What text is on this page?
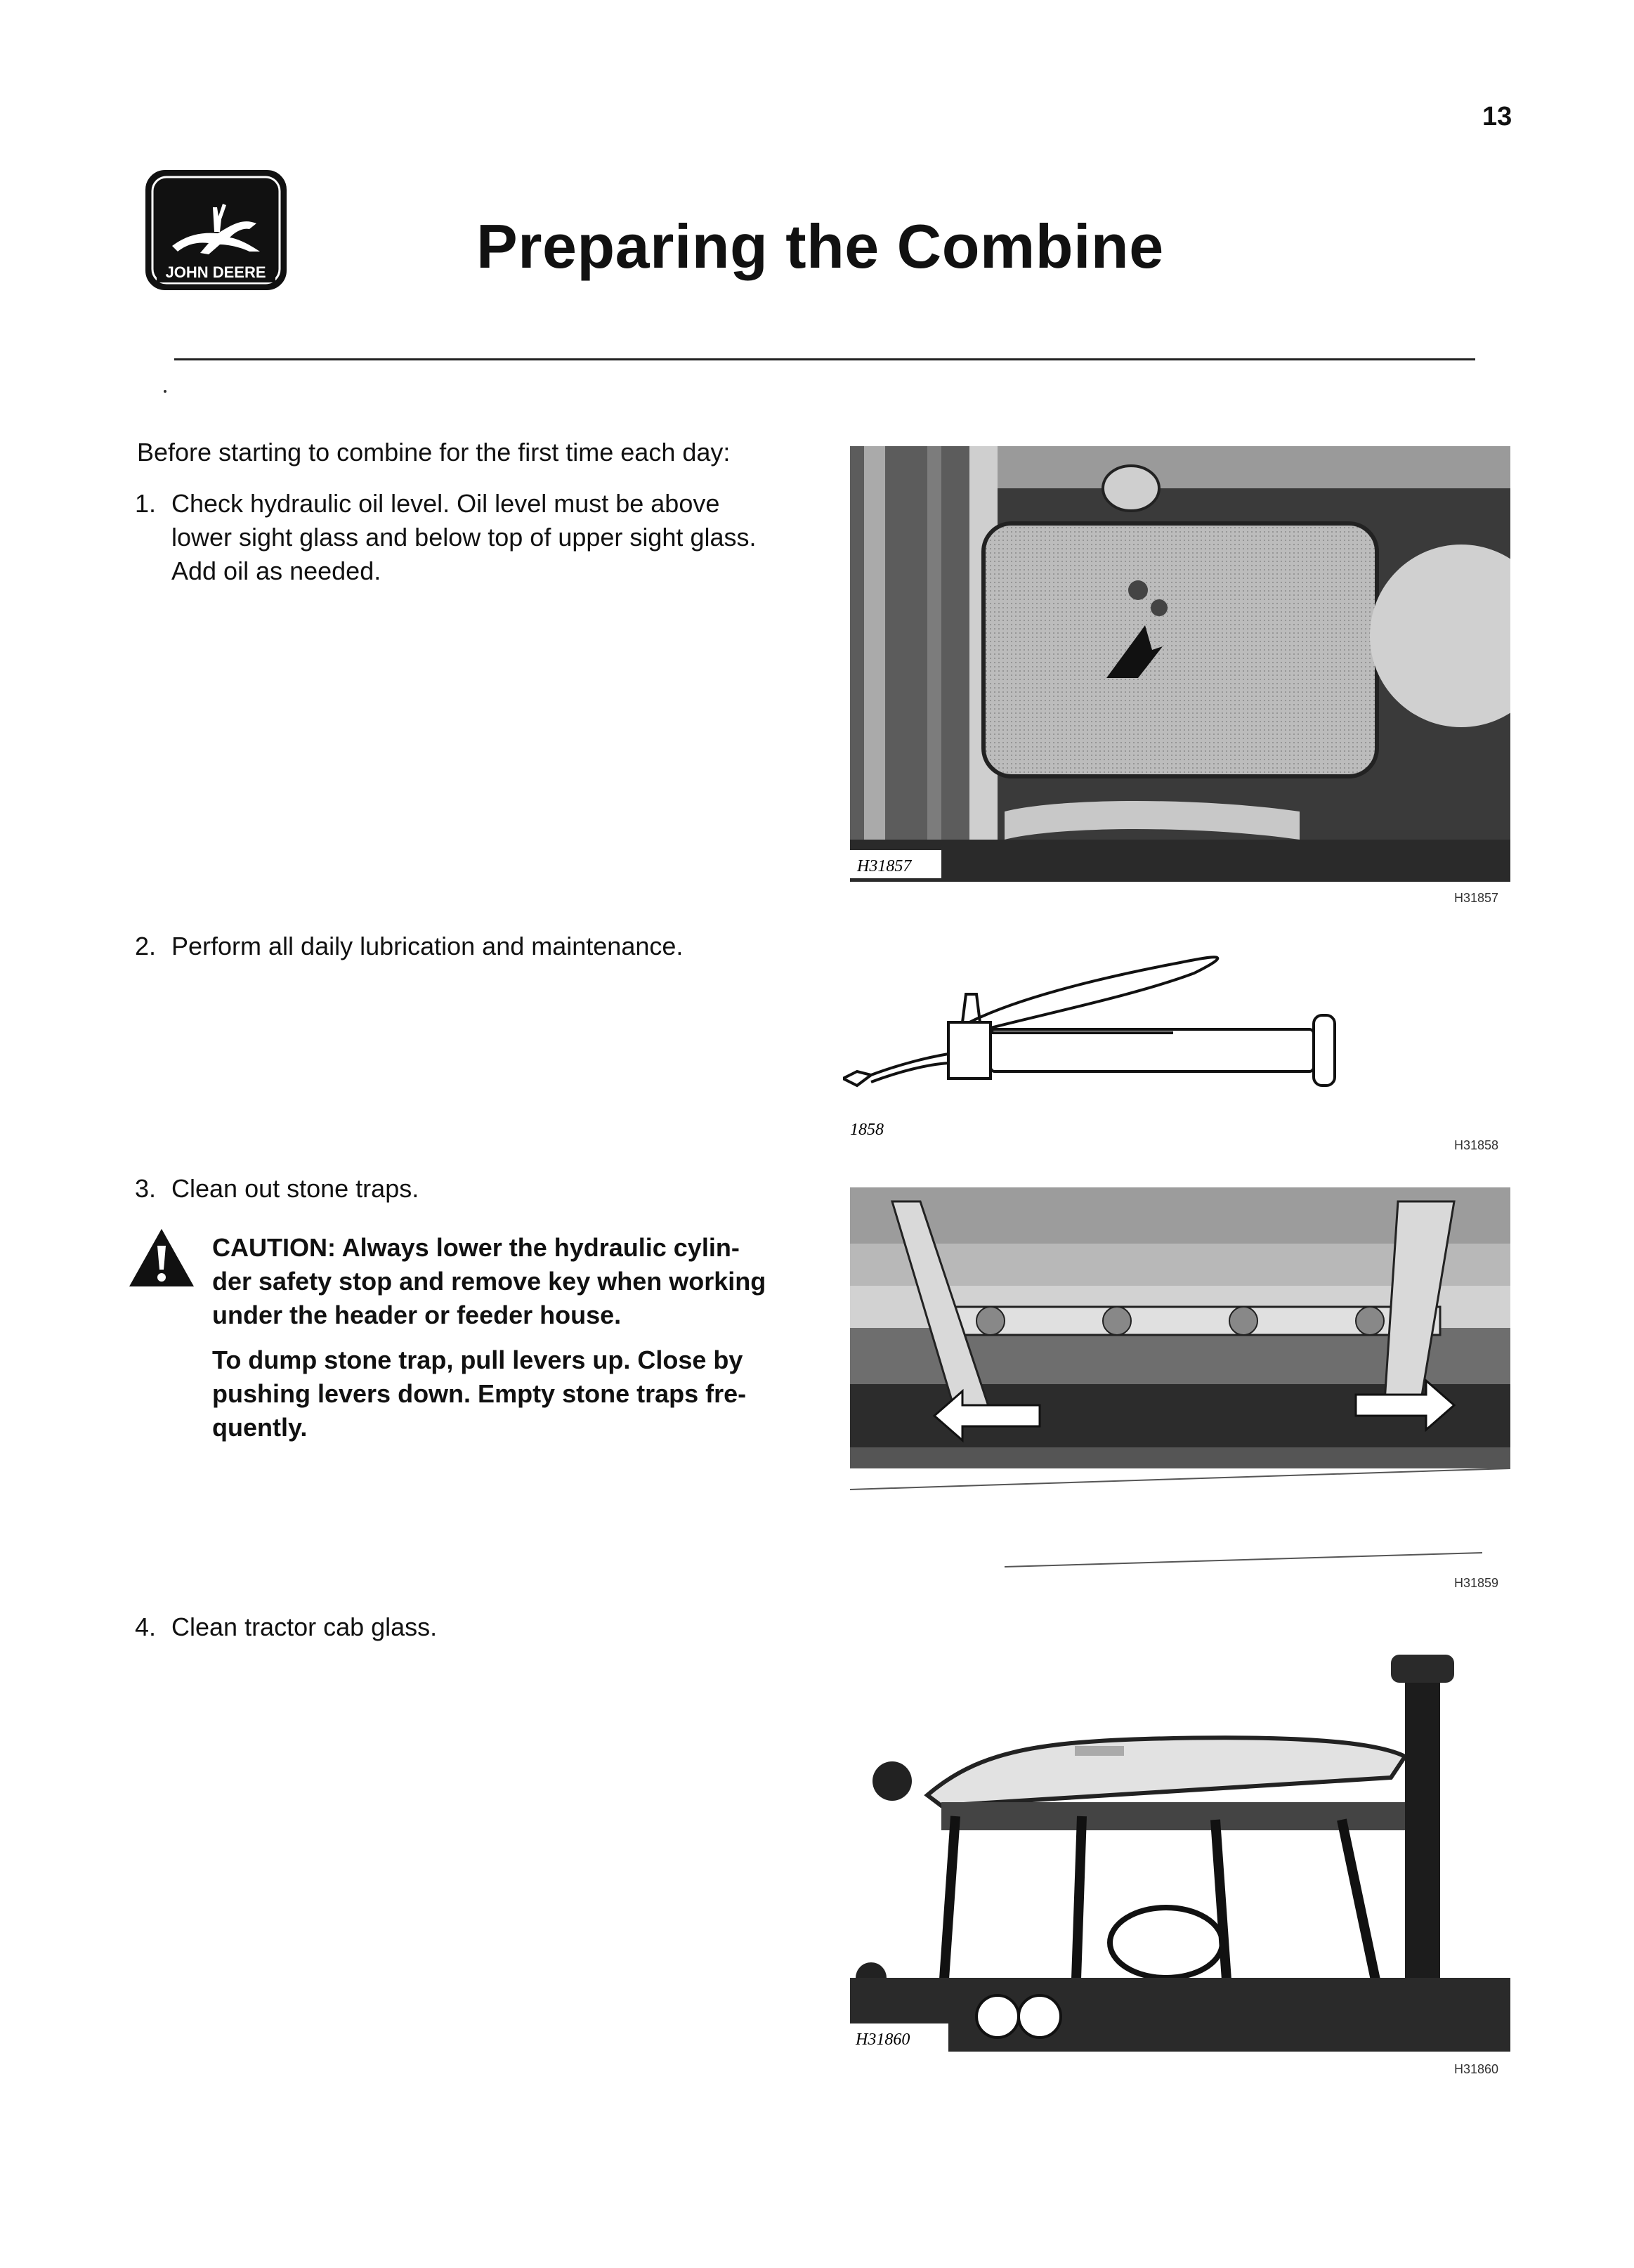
13
JOHN DEERE	Preparing the Combine
Before starting to combine for the first time each day:
1. Check hydraulic oil level. Oil level must be above
lower sight glass and below top of upper sight glass.
Add oil as needed.
2. Perform all daily lubrication and maintenance.
3. Clean out stone traps.
CAUTION: Always lower the hydraulic cylin-
der safety stop and remove key when working
under the header or feeder house.
To dump stone trap, pull levers up. Close by
pushing levers down. Empty stone traps fre-
quently.
4. Clean tractor cab glass.
H31857
H31857
1858
H31858
H31859
H31860
H31860
